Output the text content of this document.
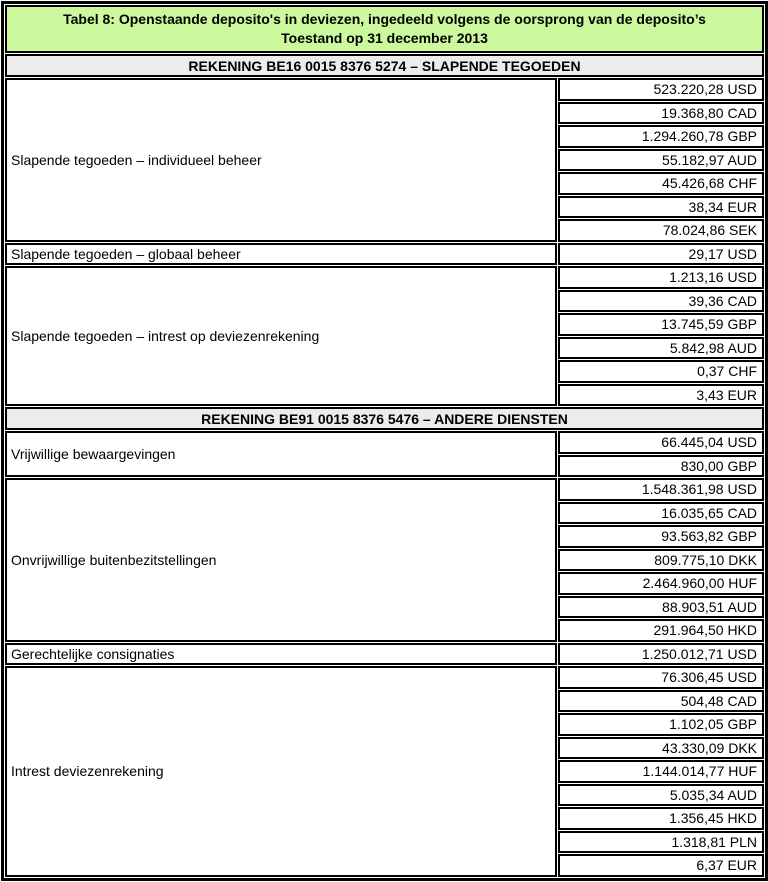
Tabel 8: Openstaande deposito's in deviezen, ingedeeld volgens de oorsprong van de deposito’s
Toestand op 31 december 2013	

REKENING BE16 0015 8376 5274 – SLAPENDE TEGOEDEN	
Slapende tegoeden – individueel beheer	523.220,28 USD
	19.368,80 CAD
	1.294.260,78 GBP
	55.182,97 AUD
	45.426,68 CHF
	38,34 EUR
	78.024,86 SEK
Slapende tegoeden – globaal beheer	29,17 USD
Slapende tegoeden – intrest op deviezenrekening	1.213,16 USD
	39,36 CAD
	13.745,59 GBP
	5.842,98 AUD
	0,37 CHF
	3,43 EUR
REKENING BE91 0015 8376 5476 – ANDERE DIENSTEN	
Vrijwillige bewaargevingen	66.445,04 USD
	830,00 GBP
Onvrijwillige buitenbezitstellingen	1.548.361,98 USD
	16.035,65 CAD
	93.563,82 GBP
	809.775,10 DKK
	2.464.960,00 HUF
	88.903,51 AUD
	291.964,50 HKD
Gerechtelijke consignaties	1.250.012,71 USD
Intrest deviezenrekening	76.306,45 USD
	504,48 CAD
	1.102,05 GBP
	43.330,09 DKK
	1.144.014,77 HUF
	5.035,34 AUD
	1.356,45 HKD
	1.318,81 PLN
	6,37 EUR
